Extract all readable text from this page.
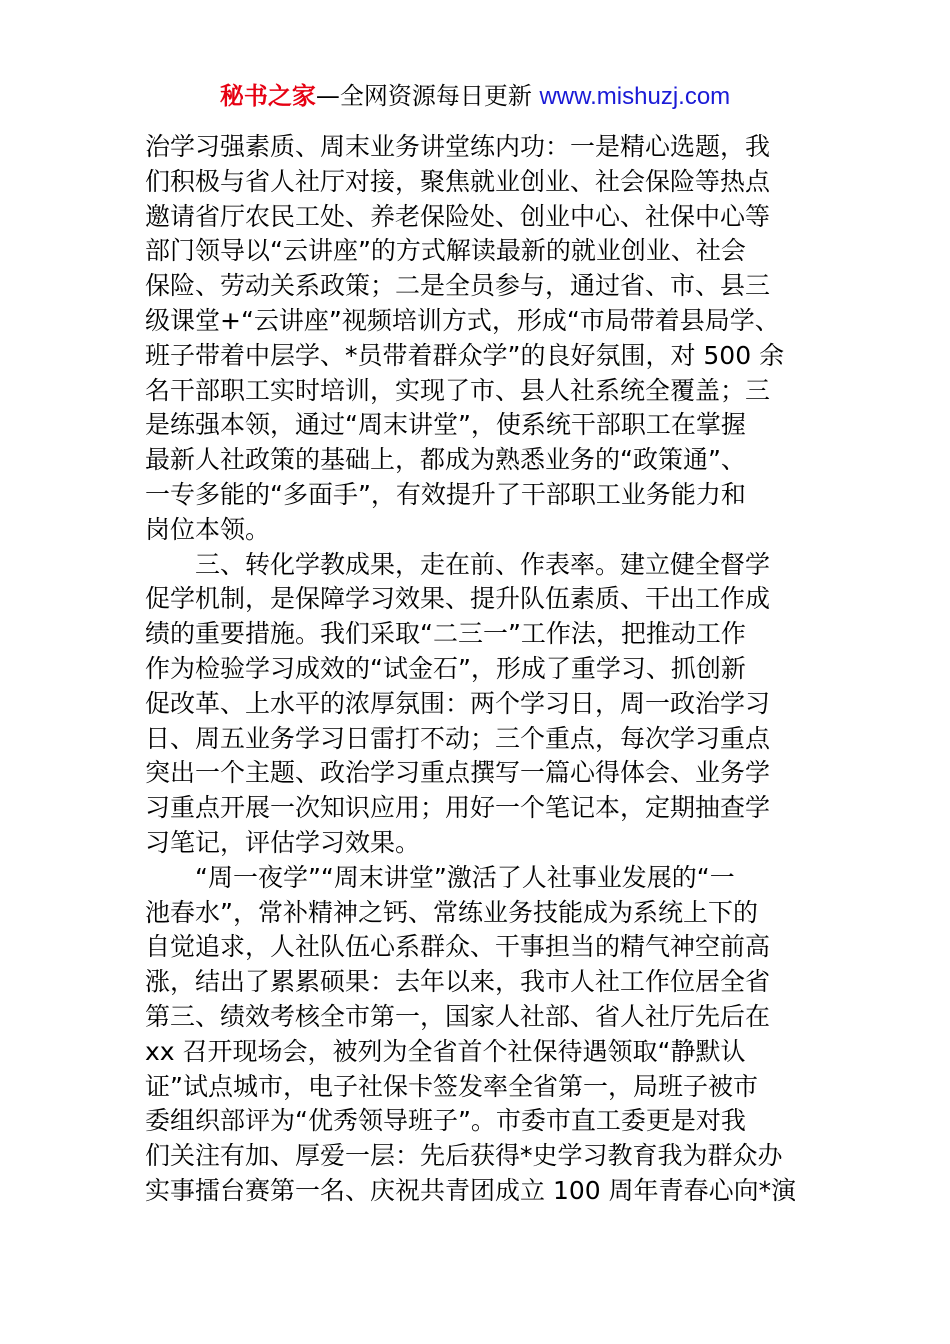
秘书之家—全网资源每日更新 www.mishuzj.com
治学习强素质、周末业务讲堂练内功：一是精心选题，我
们积极与省人社厅对接，聚焦就业创业、社会保险等热点
邀请省厅农民工处、养老保险处、创业中心、社保中心等
部门领导以“云讲座”的方式解读最新的就业创业、社会
保险、劳动关系政策；二是全员参与，通过省、市、县三
级课堂+“云讲座”视频培训方式，形成“市局带着县局学、
班子带着中层学、*员带着群众学”的良好氛围，对 500 余
名干部职工实时培训，实现了市、县人社系统全覆盖；三
是练强本领，通过“周末讲堂”，使系统干部职工在掌握
最新人社政策的基础上，都成为熟悉业务的“政策通”、
一专多能的“多面手”，有效提升了干部职工业务能力和
岗位本领。
　　三、转化学教成果，走在前、作表率。建立健全督学
促学机制，是保障学习效果、提升队伍素质、干出工作成
绩的重要措施。我们采取“二三一”工作法，把推动工作
作为检验学习成效的“试金石”，形成了重学习、抓创新
促改革、上水平的浓厚氛围：两个学习日，周一政治学习
日、周五业务学习日雷打不动；三个重点，每次学习重点
突出一个主题、政治学习重点撰写一篇心得体会、业务学
习重点开展一次知识应用；用好一个笔记本，定期抽查学
习笔记，评估学习效果。
　　“周一夜学”“周末讲堂”激活了人社事业发展的“一
池春水”，常补精神之钙、常练业务技能成为系统上下的
自觉追求，人社队伍心系群众、干事担当的精气神空前高
涨，结出了累累硕果：去年以来，我市人社工作位居全省
第三、绩效考核全市第一，国家人社部、省人社厅先后在
xx 召开现场会，被列为全省首个社保待遇领取“静默认
证”试点城市，电子社保卡签发率全省第一，局班子被市
委组织部评为“优秀领导班子”。市委市直工委更是对我
们关注有加、厚爱一层：先后获得*史学习教育我为群众办
实事擂台赛第一名、庆祝共青团成立 100 周年青春心向*演
